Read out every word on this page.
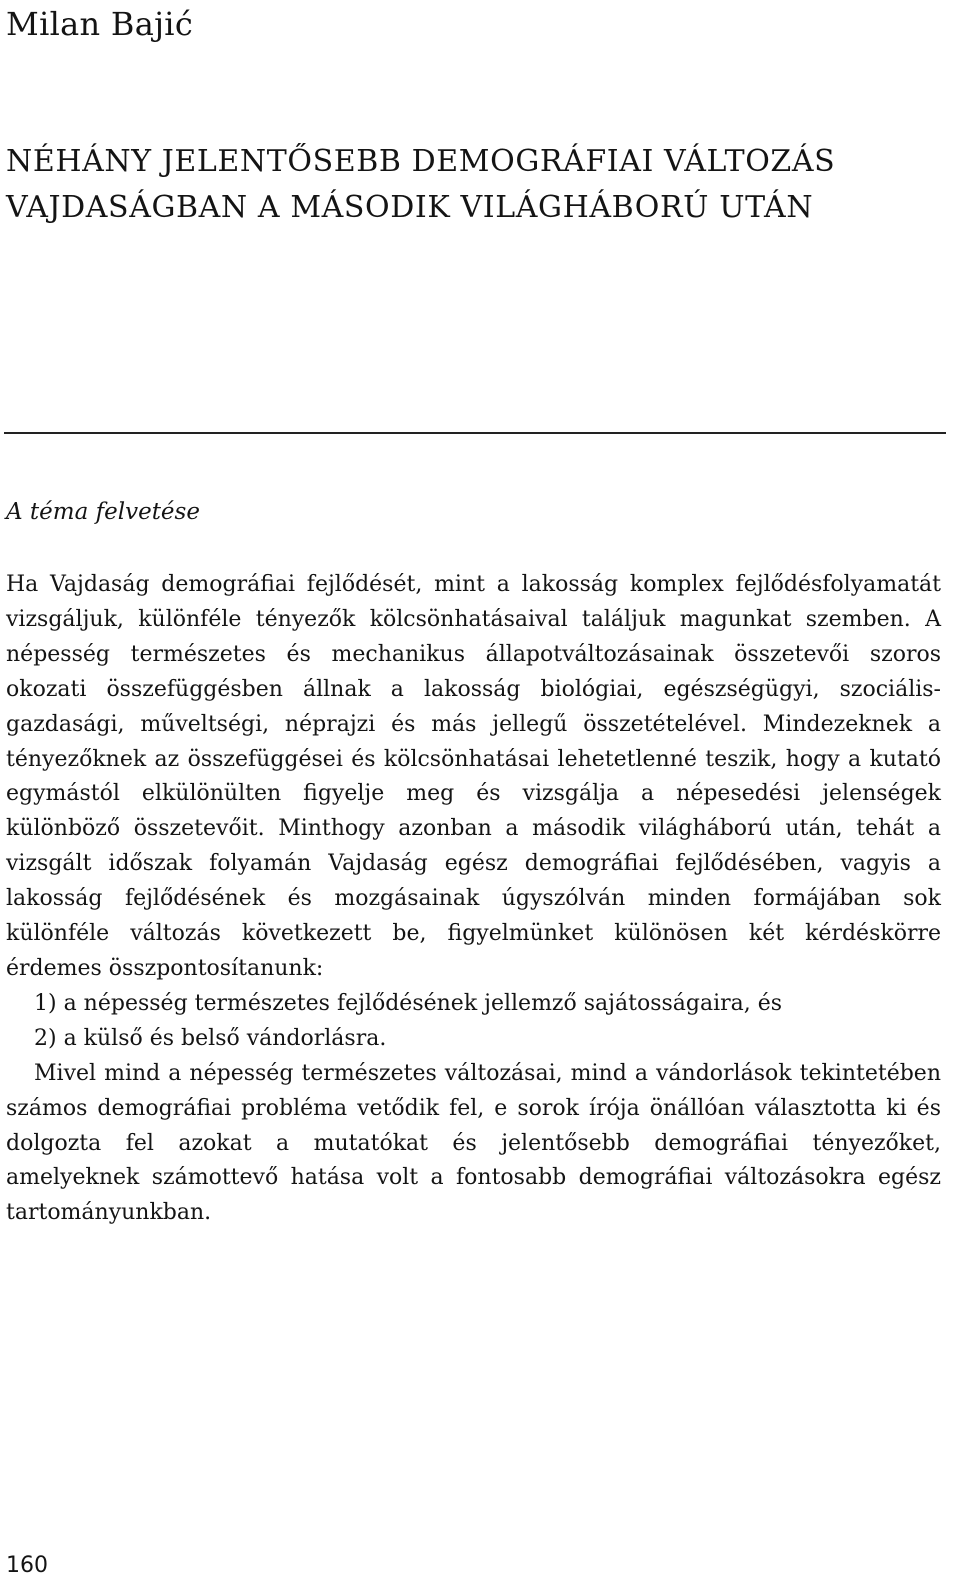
Milan Bajić
NÉHÁNY JELENTŐSEBB DEMOGRÁFIAI VÁLTOZÁS
VAJDASÁGBAN A MÁSODIK VILÁGHÁBORÚ UTÁN
A téma felvetése

Ha Vajdaság demográfiai fejlődését, mint a lakosság komplex fejlődésfolyamatát vizsgáljuk, különféle tényezők kölcsönhatásaival találjuk magunkat szemben. A népesség természetes és mechanikus állapotváltozásainak összetevői szoros okozati összefüggésben állnak a lakosság biológiai, egészségügyi, szociális-gazdasági, műveltségi, néprajzi és más jellegű összetételével. Mindezeknek a tényezőknek az összefüggései és kölcsönhatásai lehetetlenné teszik, hogy a kutató egymástól elkülönülten figyelje meg és vizsgálja a népesedési jelenségek különböző összetevőit. Minthogy azonban a második világháború után, tehát a vizsgált időszak folyamán Vajdaság egész demográfiai fejlődésében, vagyis a lakosság fejlődésének és mozgásainak úgyszólván minden formájában sok különféle változás következett be, figyelmünket különösen két kérdéskörre érdemes összpontosítanunk:

1) a népesség természetes fejlődésének jellemző sajátosságaira, és

2) a külső és belső vándorlásra.

Mivel mind a népesség természetes változásai, mind a vándorlások tekintetében számos demográfiai probléma vetődik fel, e sorok írója önállóan választotta ki és dolgozta fel azokat a mutatókat és jelentősebb demográfiai tényezőket, amelyeknek számottevő hatása volt a fontosabb demográfiai változásokra egész tartományunkban.

160
